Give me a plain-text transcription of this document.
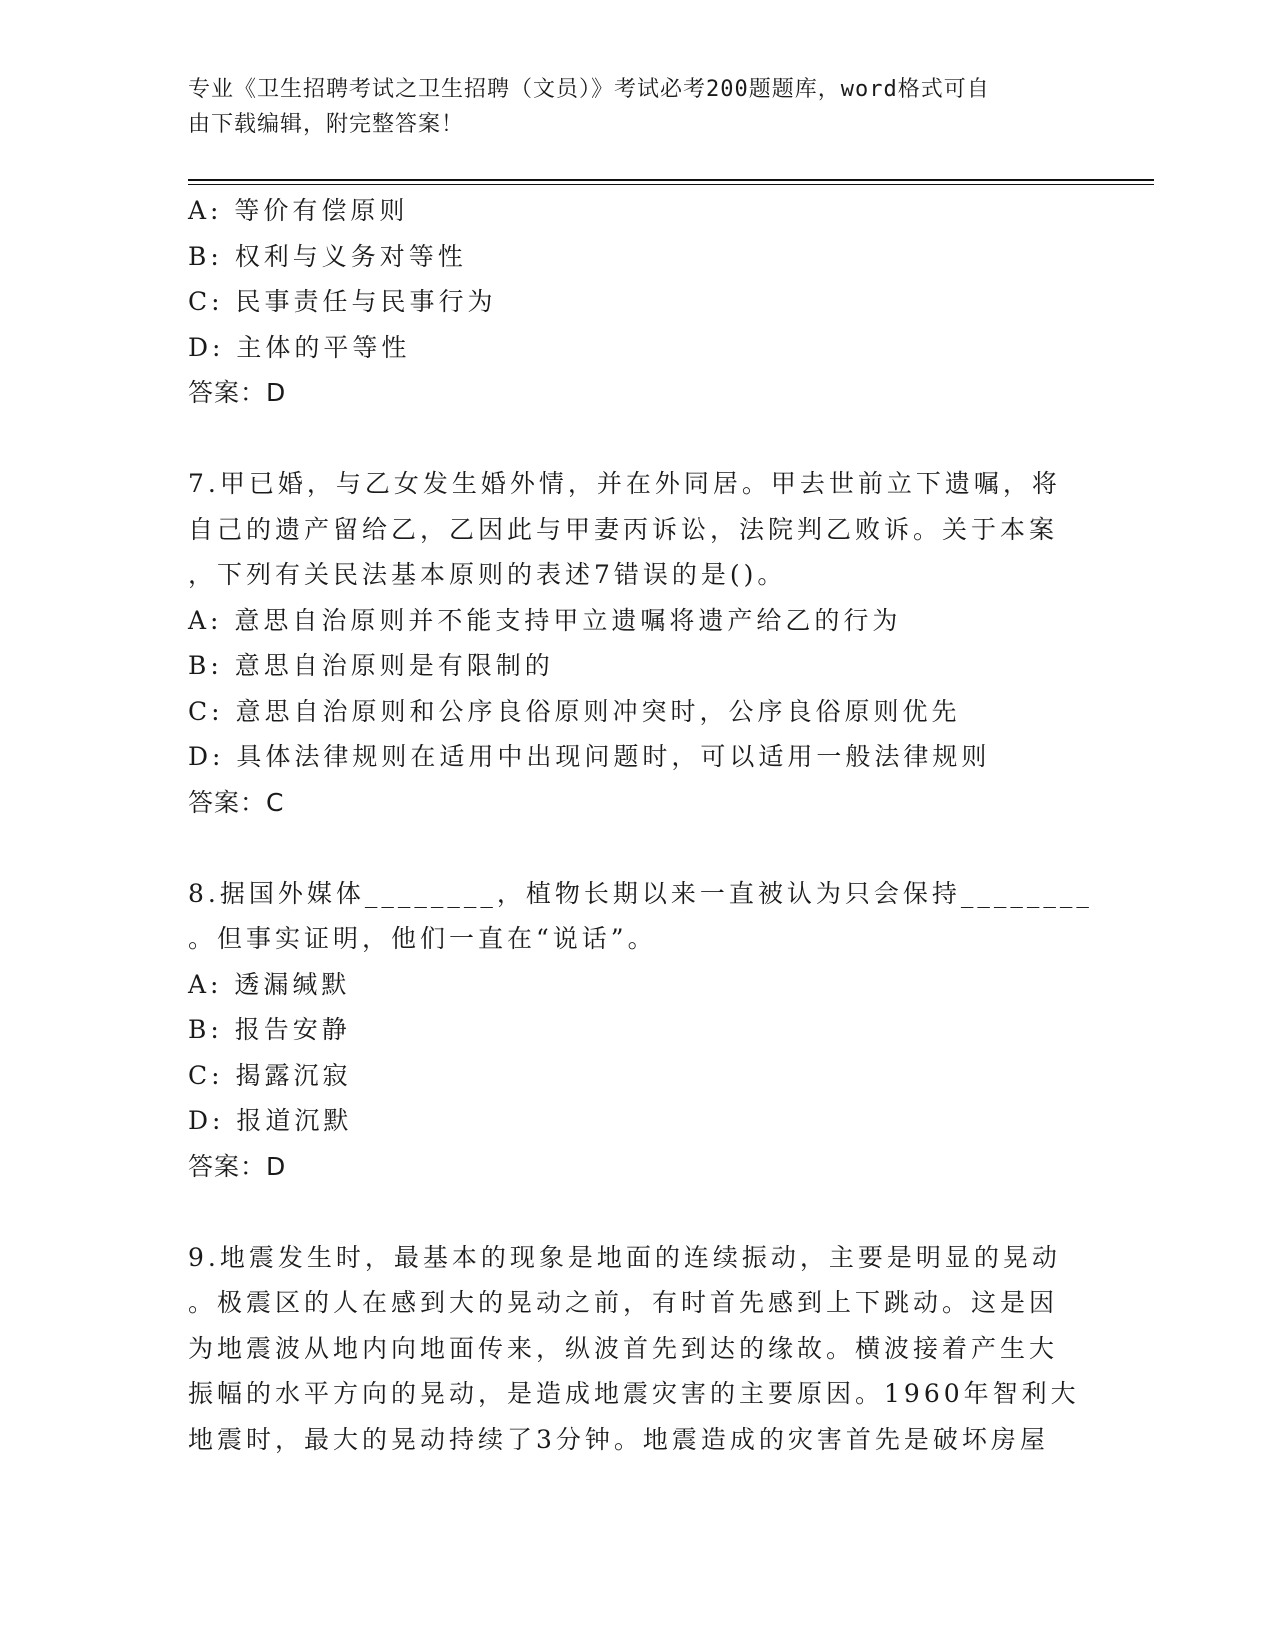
专业《卫生招聘考试之卫生招聘（文员）》考试必考200题题库，word格式可自
由下载编辑，附完整答案！
A: 等价有偿原则
B: 权利与义务对等性
C: 民事责任与民事行为
D: 主体的平等性
答案：D
7.甲已婚，与乙女发生婚外情，并在外同居。甲去世前立下遗嘱，将
自己的遗产留给乙，乙因此与甲妻丙诉讼，法院判乙败诉。关于本案
，下列有关民法基本原则的表述7错误的是()。
A: 意思自治原则并不能支持甲立遗嘱将遗产给乙的行为
B: 意思自治原则是有限制的
C: 意思自治原则和公序良俗原则冲突时，公序良俗原则优先
D: 具体法律规则在适用中出现问题时，可以适用一般法律规则
答案：C
8.据国外媒体________，植物长期以来一直被认为只会保持________
。但事实证明，他们一直在“说话”。
A: 透漏缄默
B: 报告安静
C: 揭露沉寂
D: 报道沉默
答案：D
9.地震发生时，最基本的现象是地面的连续振动，主要是明显的晃动
。极震区的人在感到大的晃动之前，有时首先感到上下跳动。这是因
为地震波从地内向地面传来，纵波首先到达的缘故。横波接着产生大
振幅的水平方向的晃动，是造成地震灾害的主要原因。1960年智利大
地震时，最大的晃动持续了3分钟。地震造成的灾害首先是破坏房屋
